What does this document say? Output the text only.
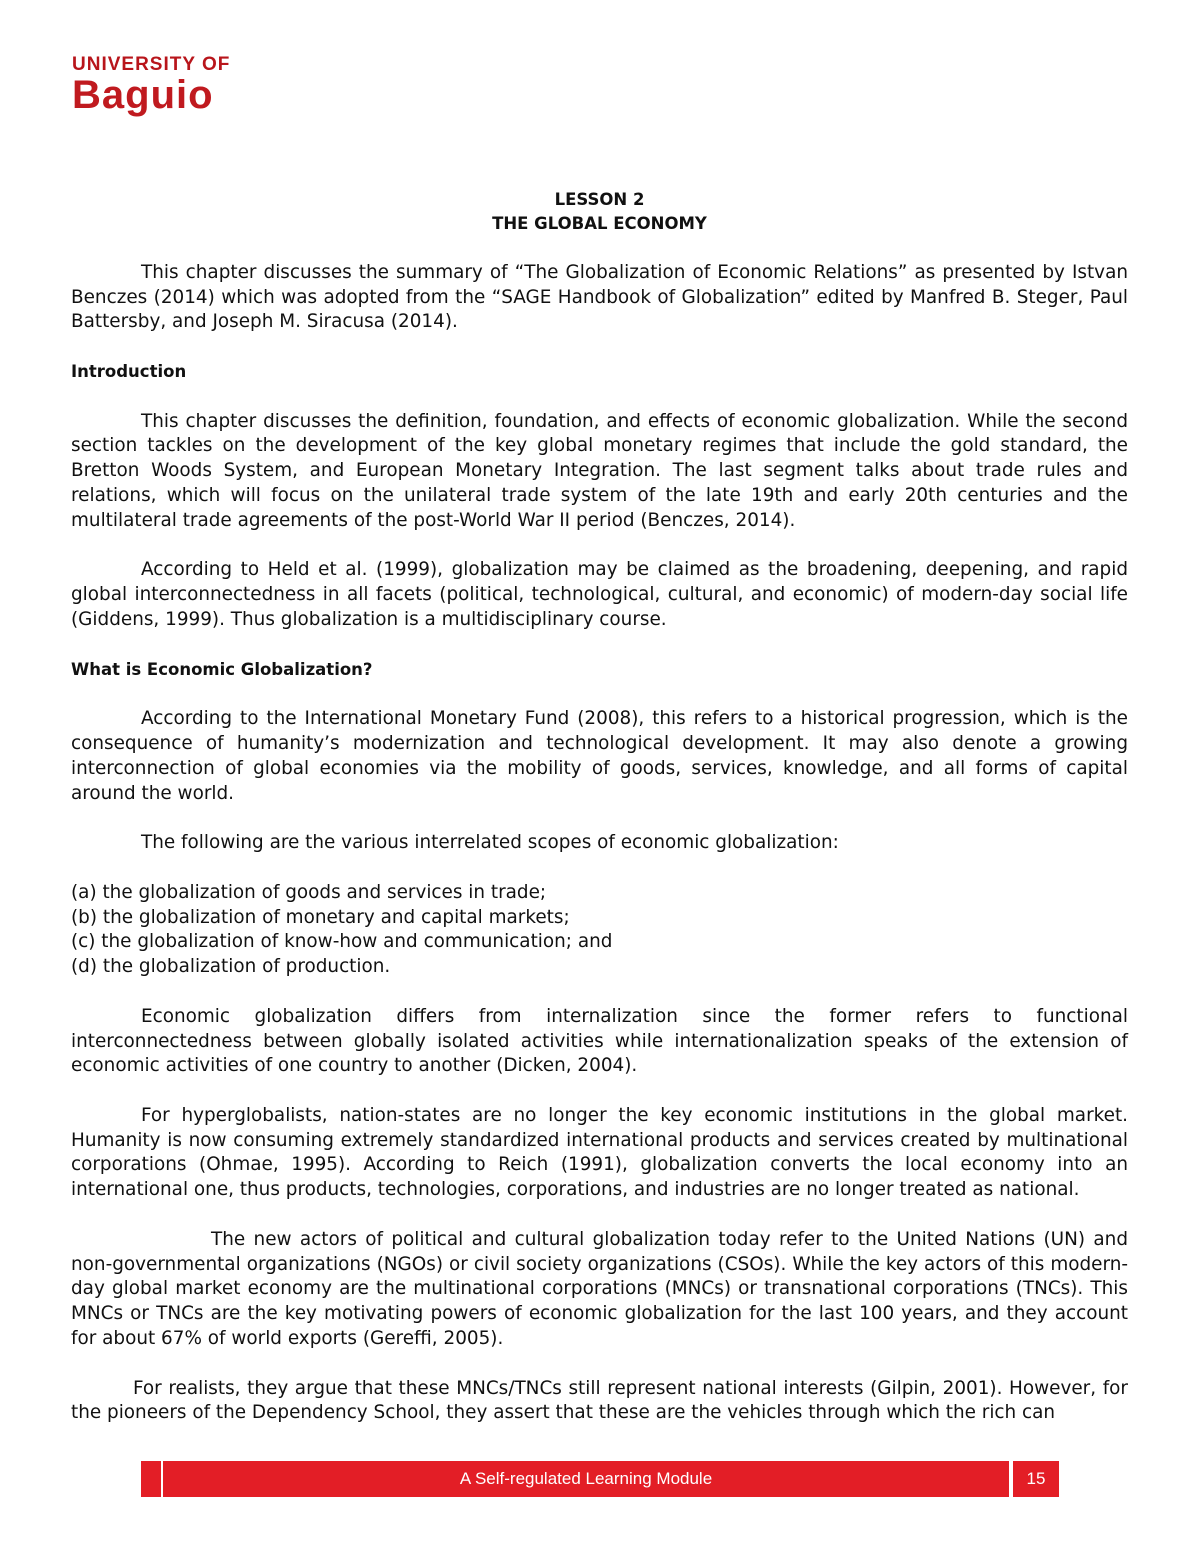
UNIVERSITY OF
Baguio
LESSON 2
THE GLOBAL ECONOMY

This chapter discusses the summary of “The Globalization of Economic Relations” as presented by Istvan Benczes (2014) which was adopted from the “SAGE Handbook of Globalization” edited by Manfred B. Steger, Paul Battersby, and Joseph M. Siracusa (2014).

Introduction

This chapter discusses the definition, foundation, and effects of economic globalization. While the second section tackles on the development of the key global monetary regimes that include the gold standard, the Bretton Woods System, and European Monetary Integration. The last segment talks about trade rules and relations, which will focus on the unilateral trade system of the late 19th and early 20th centuries and the multilateral trade agreements of the post-World War II period (Benczes, 2014).

According to Held et al. (1999), globalization may be claimed as the broadening, deepening, and rapid global interconnectedness in all facets (political, technological, cultural, and economic) of modern-day social life (Giddens, 1999). Thus globalization is a multidisciplinary course.

What is Economic Globalization?

According to the International Monetary Fund (2008), this refers to a historical progression, which is the consequence of humanity’s modernization and technological development. It may also denote a growing interconnection of global economies via the mobility of goods, services, knowledge, and all forms of capital around the world.

The following are the various interrelated scopes of economic globalization:

(a) the globalization of goods and services in trade;
(b) the globalization of monetary and capital markets;
(c) the globalization of know-how and communication; and
(d) the globalization of production.

Economic globalization differs from internalization since the former refers to functional interconnectedness between globally isolated activities while internationalization speaks of the extension of economic activities of one country to another (Dicken, 2004).

For hyperglobalists, nation-states are no longer the key economic institutions in the global market. Humanity is now consuming extremely standardized international products and services created by multinational corporations (Ohmae, 1995). According to Reich (1991), globalization converts the local economy into an international one, thus products, technologies, corporations, and industries are no longer treated as national.

The new actors of political and cultural globalization today refer to the United Nations (UN) and non-governmental organizations (NGOs) or civil society organizations (CSOs). While the key actors of this modern-day global market economy are the multinational corporations (MNCs) or transnational corporations (TNCs). This MNCs or TNCs are the key motivating powers of economic globalization for the last 100 years, and they account for about 67% of world exports (Gereffi, 2005).

For realists, they argue that these MNCs/TNCs still represent national interests (Gilpin, 2001). However, for the pioneers of the Dependency School, they assert that these are the vehicles through which the rich can

A Self-regulated Learning Module	15
